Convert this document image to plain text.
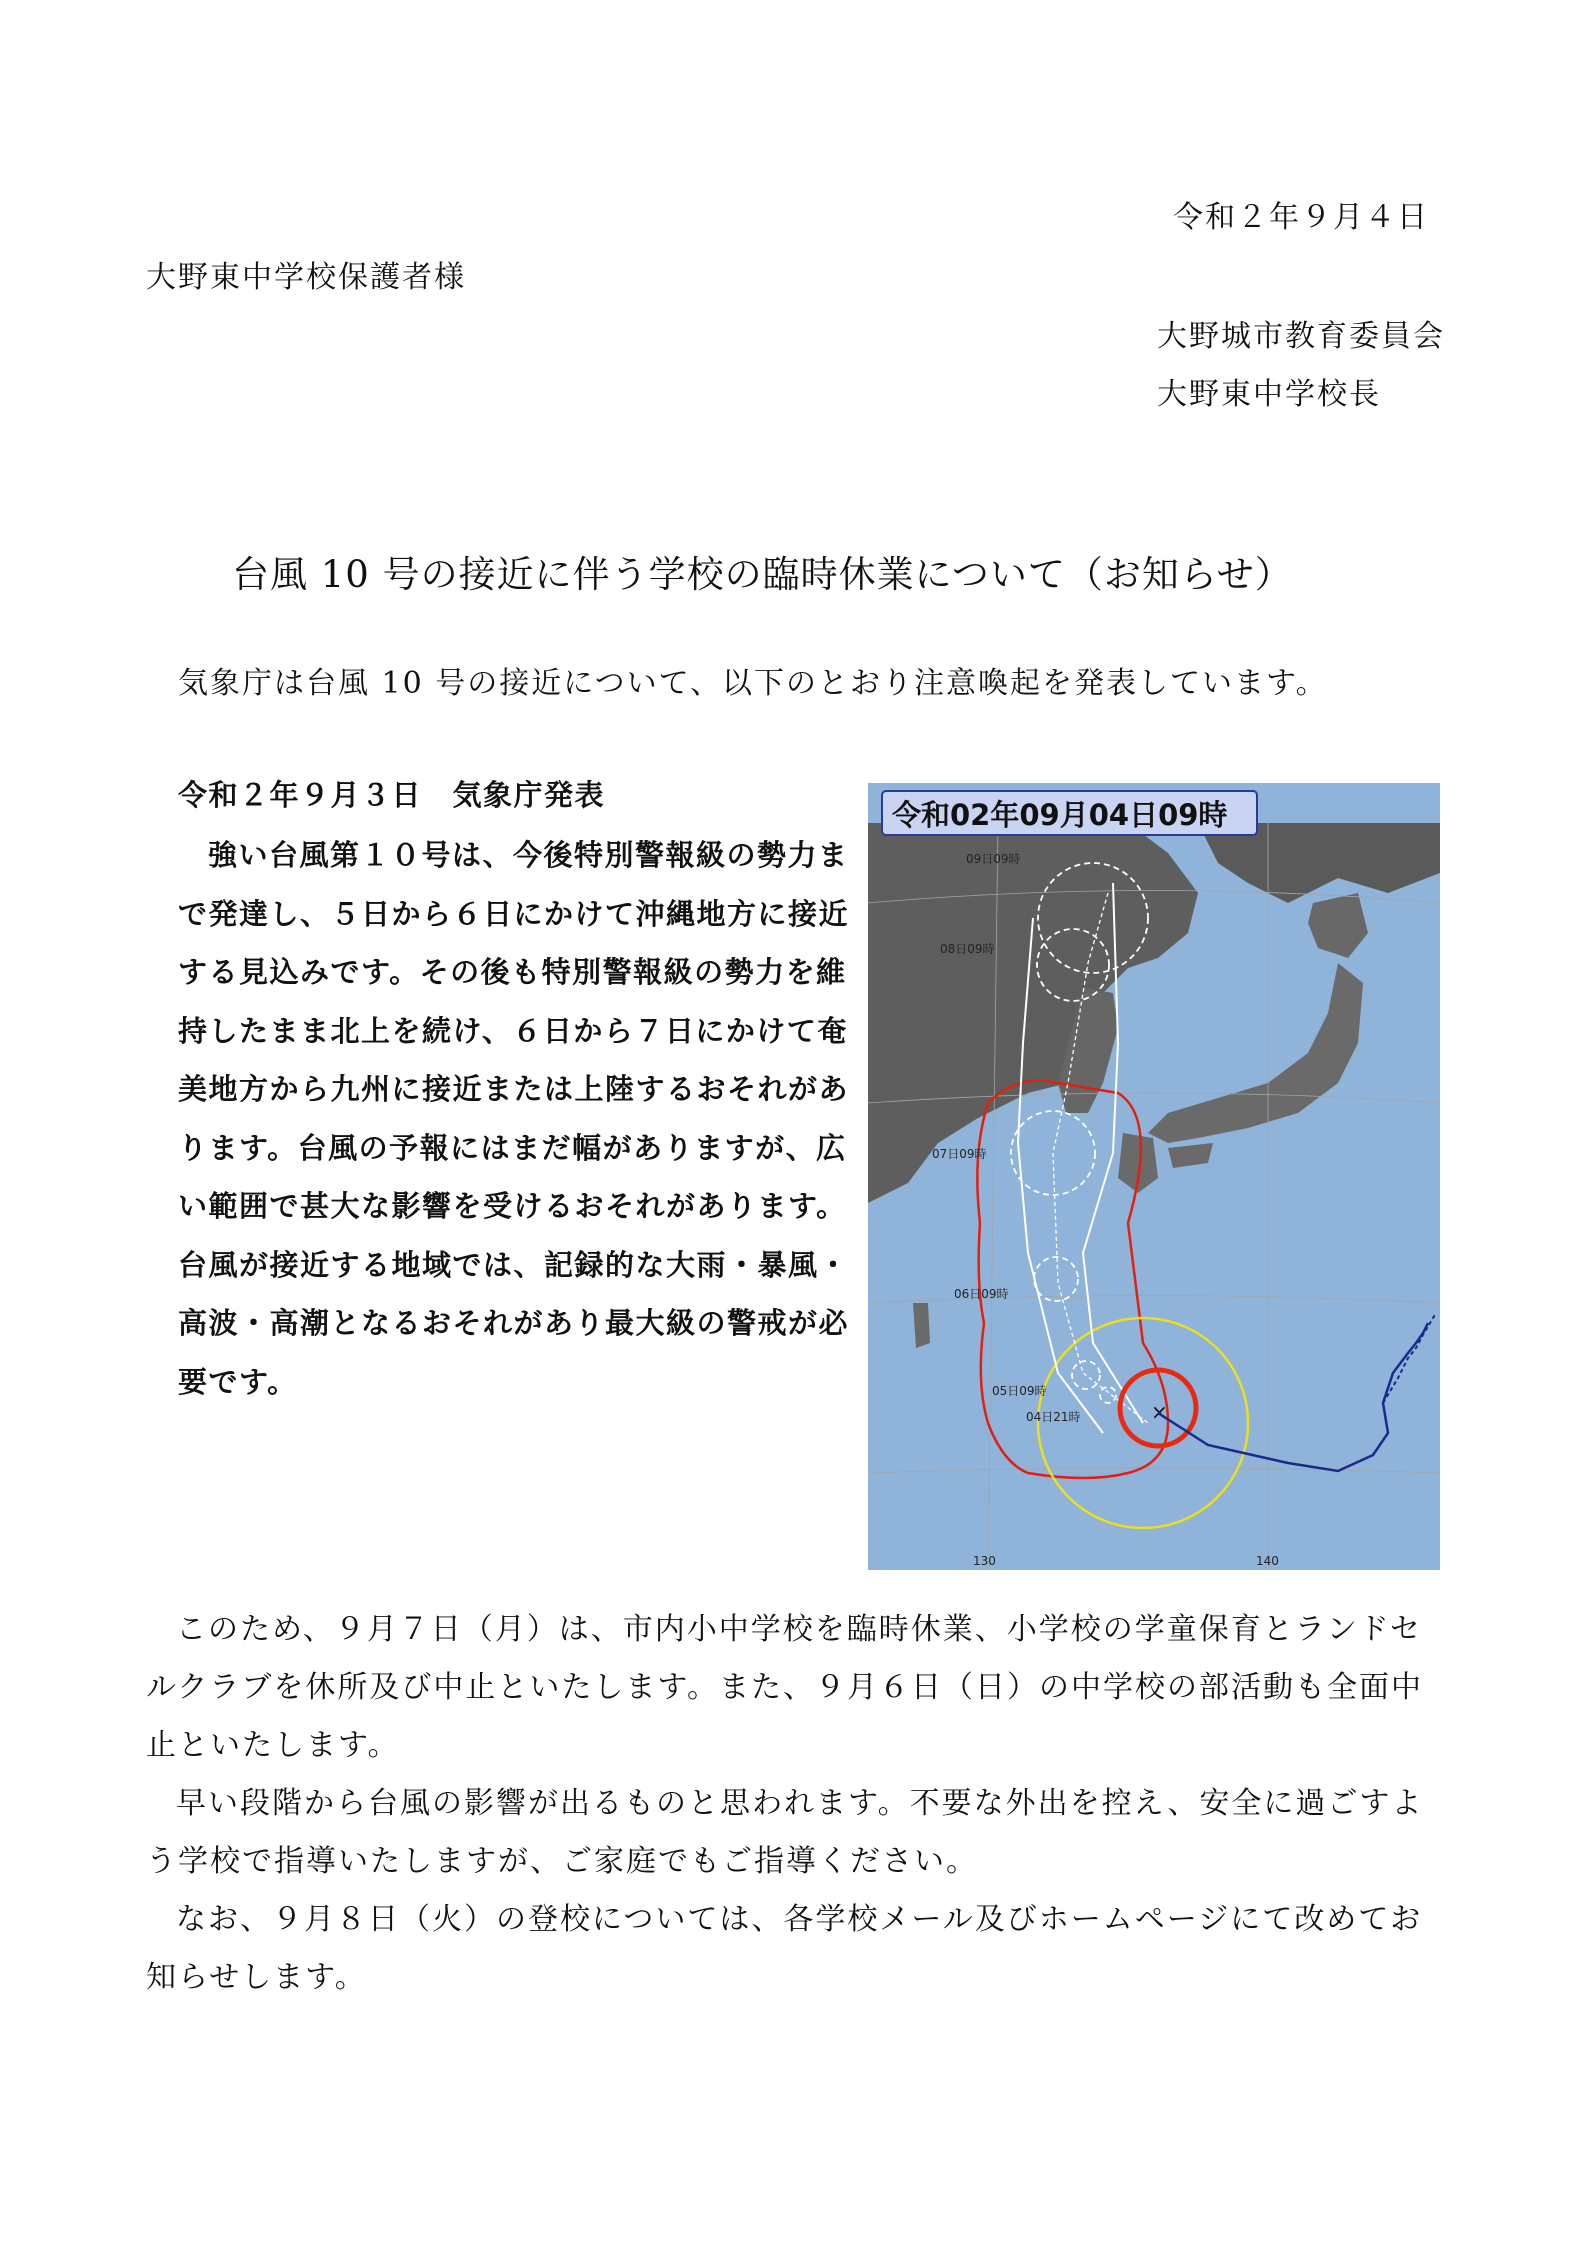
令和２年９月４日
大野東中学校保護者様
大野城市教育委員会
大野東中学校長
台風 10 号の接近に伴う学校の臨時休業について（お知らせ）
気象庁は台風 10 号の接近について、以下のとおり注意喚起を発表しています。
令和２年９月３日　気象庁発表
強い台風第１０号は、今後特別警報級の勢力まで発達し、５日から６日にかけて沖縄地方に接近する見込みです。その後も特別警報級の勢力を維持したまま北上を続け、６日から７日にかけて奄美地方から九州に接近または上陸するおそれがあります。台風の予報にはまだ幅がありますが、広い範囲で甚大な影響を受けるおそれがあります。台風が接近する地域では、記録的な大雨・暴風・高波・高潮となるおそれがあり最大級の警戒が必要です。
×
09日09時
08日09時
07日09時
06日09時
05日09時
04日21時
130	140
令和02年09月04日09時
このため、９月７日（月）は、市内小中学校を臨時休業、小学校の学童保育とランドセルクラブを休所及び中止といたします。また、９月６日（日）の中学校の部活動も全面中止といたします。
早い段階から台風の影響が出るものと思われます。不要な外出を控え、安全に過ごすよう学校で指導いたしますが、ご家庭でもご指導ください。
なお、９月８日（火）の登校については、各学校メール及びホームページにて改めてお知らせします。
